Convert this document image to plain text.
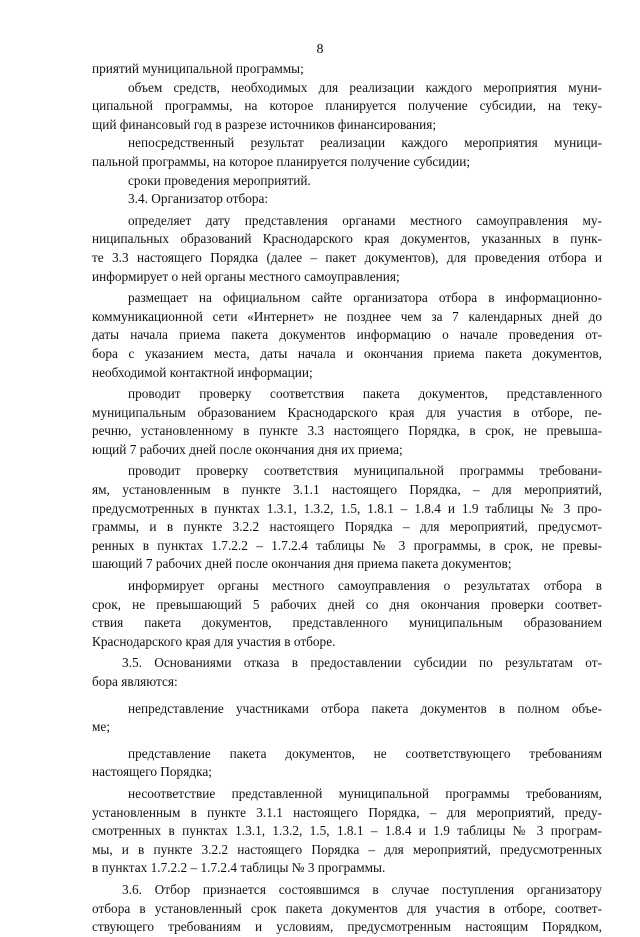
8
приятий муниципальной программы;
объем средств, необходимых для реализации каждого мероприятия муни-
ципальной программы, на которое планируется получение субсидии, на теку-
щий финансовый год в разрезе источников финансирования;
непосредственный результат реализации каждого мероприятия муници-
пальной программы, на которое планируется получение субсидии;
сроки проведения мероприятий.
3.4. Организатор отбора:
определяет дату представления органами местного самоуправления му-
ниципальных образований Краснодарского края документов, указанных в пунк-
те 3.3 настоящего Порядка (далее – пакет документов), для проведения отбора и
информирует о ней органы местного самоуправления;
размещает на официальном сайте организатора отбора в информационно-
коммуникационной сети «Интернет» не позднее чем за 7 календарных дней до
даты начала приема пакета документов информацию о начале проведения от-
бора с указанием места, даты начала и окончания приема пакета документов,
необходимой контактной информации;
проводит проверку соответствия пакета документов, представленного
муниципальным образованием Краснодарского края для участия в отборе, пе-
речню, установленному в пункте 3.3 настоящего Порядка, в срок, не превыша-
ющий 7 рабочих дней после окончания дня их приема;
проводит проверку соответствия муниципальной программы требовани-
ям, установленным в пункте 3.1.1 настоящего Порядка, – для мероприятий,
предусмотренных в пунктах 1.3.1, 1.3.2, 1.5, 1.8.1 – 1.8.4 и 1.9 таблицы № 3 про-
граммы, и в пункте 3.2.2 настоящего Порядка – для мероприятий, предусмот-
ренных в пунктах 1.7.2.2 – 1.7.2.4 таблицы № 3 программы, в срок, не превы-
шающий 7 рабочих дней после окончания дня приема пакета документов;
информирует органы местного самоуправления о результатах отбора в
срок, не превышающий 5 рабочих дней со дня окончания проверки соответ-
ствия пакета документов, представленного муниципальным образованием
Краснодарского края для участия в отборе.
3.5. Основаниями отказа в предоставлении субсидии по результатам от-
бора являются:
непредставление участниками отбора пакета документов в полном объе-
ме;
представление пакета документов, не соответствующего требованиям
настоящего Порядка;
несоответствие представленной муниципальной программы требованиям,
установленным в пункте 3.1.1 настоящего Порядка, – для мероприятий, преду-
смотренных в пунктах 1.3.1, 1.3.2, 1.5, 1.8.1 – 1.8.4 и 1.9 таблицы № 3 програм-
мы, и в пункте 3.2.2 настоящего Порядка – для мероприятий, предусмотренных
в пунктах 1.7.2.2 – 1.7.2.4 таблицы № 3 программы.
3.6. Отбор признается состоявшимся в случае поступления организатору
отбора в установленный срок пакета документов для участия в отборе, соответ-
ствующего требованиям и условиям, предусмотренным настоящим Порядком,
